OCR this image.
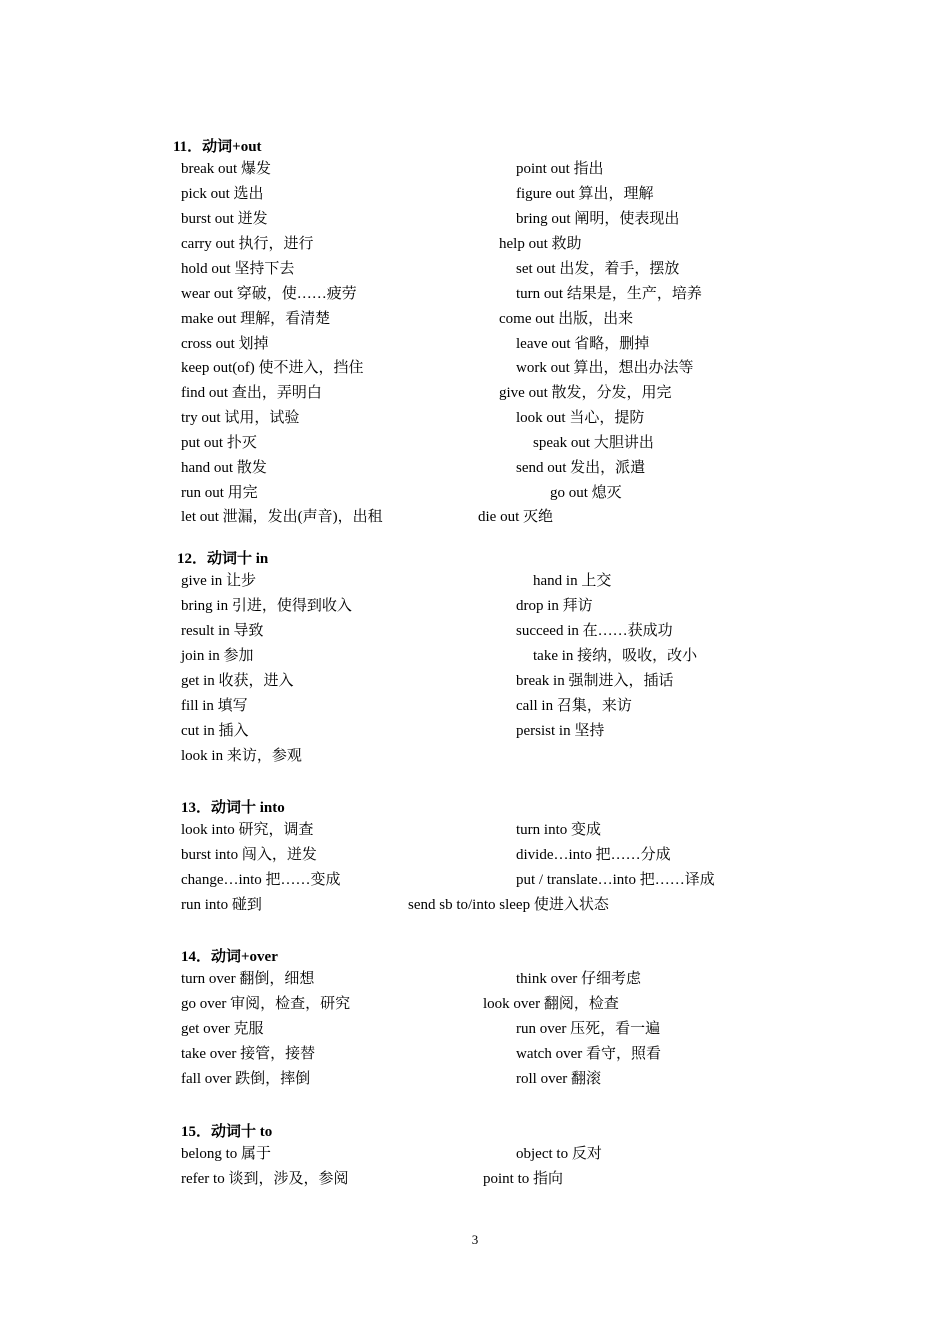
11．动词+out
break out 爆发
pick out 选出
burst out 迸发
carry out 执行，进行
hold out 坚持下去
wear out 穿破，使……疲劳
make out 理解，看清楚
cross out 划掉
keep out(of) 使不进入，挡住
find out 查出，弄明白
try out 试用，试验
put out 扑灭
hand out 散发
run out 用完
let out 泄漏，发出(声音)，出租
point out 指出
figure out 算出，理解
bring out 阐明，使表现出
help out 救助
set out 出发，着手，摆放
turn out 结果是，生产，培养
come out 出版，出来
leave out 省略，删掉
work out 算出，想出办法等
give out 散发，分发，用完
look out 当心，提防
speak out 大胆讲出
send out 发出，派遣
go out 熄灭
die out 灭绝
12．动词十 in
give in 让步
bring in 引进，使得到收入
result in 导致
join in 参加
get in 收获，进入
fill in 填写
cut in 插入
look in 来访，参观
hand in 上交
drop in 拜访
succeed in 在……获成功
take in 接纳，吸收，改小
break in 强制进入，插话
call in 召集，来访
persist in 坚持
13．动词十 into
look into 研究，调查
burst into 闯入，迸发
change…into 把……变成
run into 碰到
turn into 变成
divide…into 把……分成
put / translate…into 把……译成
send sb to/into sleep 使进入状态
14．动词+over
turn over 翻倒，细想
go over 审阅，检查，研究
get over 克服
take over 接管，接替
fall over 跌倒，摔倒
think over 仔细考虑
look over 翻阅，检查
run over 压死，看一遍
watch over 看守，照看
roll over 翻滚
15．动词十 to
belong to 属于
refer to 谈到，涉及，参阅
object to 反对
point to 指向
3
